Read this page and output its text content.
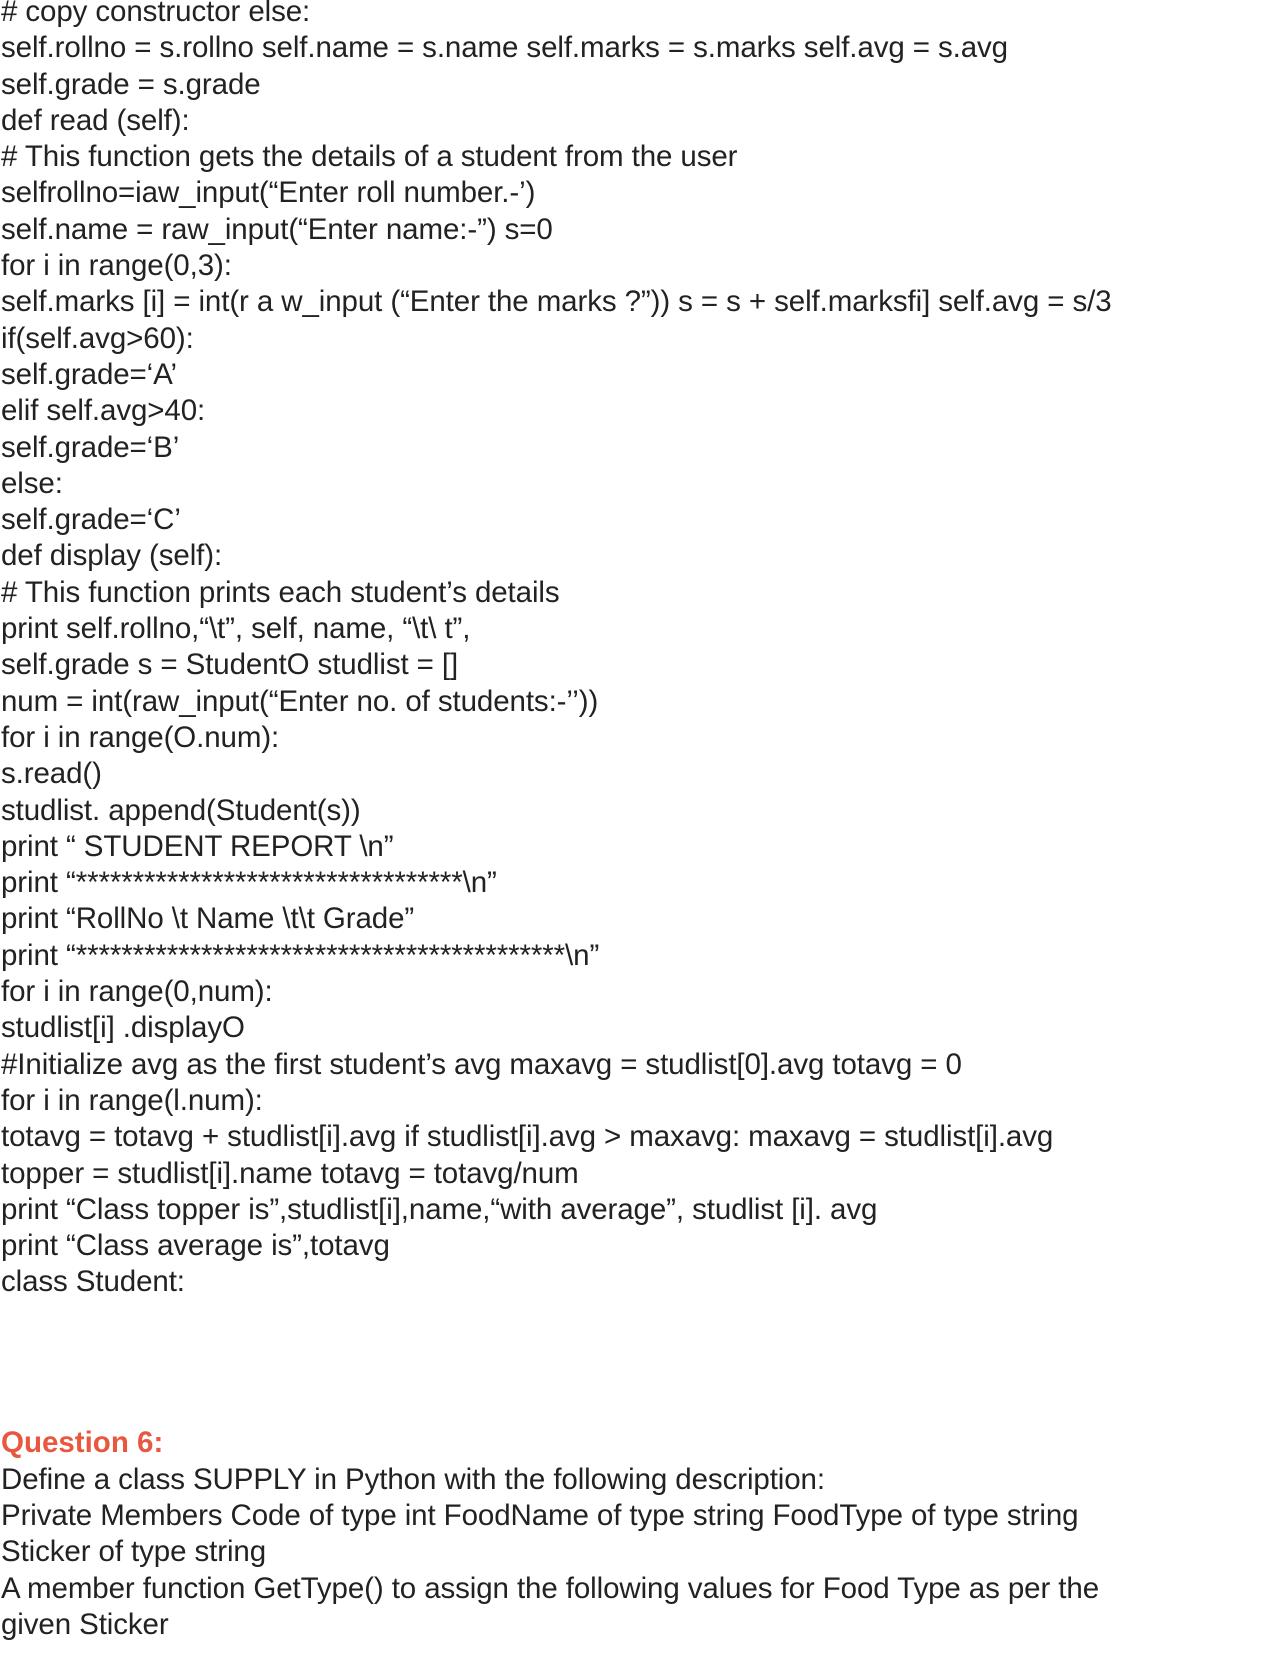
# copy constructor else:
self.rollno = s.rollno self.name = s.name self.marks = s.marks self.avg = s.avg
self.grade = s.grade
def read (self):
# This function gets the details of a student from the user
selfrollno=iaw_input(“Enter roll number.-’)
self.name = raw_input(“Enter name:-”) s=0
for i in range(0,3):
self.marks [i] = int(r a w_input (“Enter the marks ?”)) s = s + self.marksfi] self.avg = s/3
if(self.avg>60):
self.grade=‘A’
elif self.avg>40:
self.grade=‘B’
else:
self.grade=‘C’
def display (self):
# This function prints each student’s details
print self.rollno,“\t”, self, name, “\t\ t”,
self.grade s = StudentO studlist = []
num = int(raw_input(“Enter no. of students:-’’))
for i in range(O.num):
s.read()
studlist. append(Student(s))
print “ STUDENT REPORT \n”
print “**********************************\n”
print “RollNo \t Name \t\t Grade”
print “*******************************************\n”
for i in range(0,num):
studlist[i] .displayO
#Initialize avg as the first student’s avg maxavg = studlist[0].avg totavg = 0
for i in range(l.num):
totavg = totavg + studlist[i].avg if studlist[i].avg > maxavg: maxavg = studlist[i].avg
topper = studlist[i].name totavg = totavg/num
print “Class topper is”,studlist[i],name,“with average”, studlist [i]. avg
print “Class average is”,totavg
class Student:
Question 6:
Define a class SUPPLY in Python with the following description:
Private Members Code of type int FoodName of type string FoodType of type string
Sticker of type string
A member function GetType() to assign the following values for Food Type as per the
given Sticker
